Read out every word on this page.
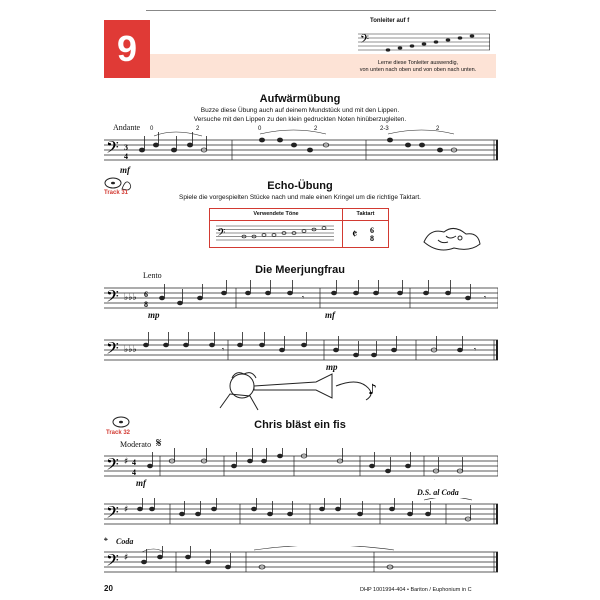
9
Tonleiter auf f
𝄢
Lerne diese Tonleiter auswendig,
von unten nach oben und von oben nach unten.
Aufwärmübung
Buzze diese Übung auch auf deinem Mundstück und mit den Lippen.
Versuche mit den Lippen zu den klein gedruckten Noten hinüberzugleiten.
Andante
𝄢 3
4
mf
0	2	0	2	2-3	2
Track 31
Echo-Übung
Spiele die vorgespielten Stücke nach und male einen Kringel um die richtige Taktart.
Verwendete Töne	Taktart
𝄢	𝄵 6
8
Die Meerjungfrau
Lento
𝄢 ♭♭♭ 6
8
𝄾	𝄾
mp	mf
𝄢 ♭♭♭	𝄾	𝄾
mp
♪
Track 32
Chris bläst ein fis
Moderato 𝄋
𝄢 ♯ 4
4
mf
D.S. al Coda
𝄢 ♯
𝄌 Coda
𝄢 ♯
20	DHP 1001994-404 • Bariton / Euphonium in C
